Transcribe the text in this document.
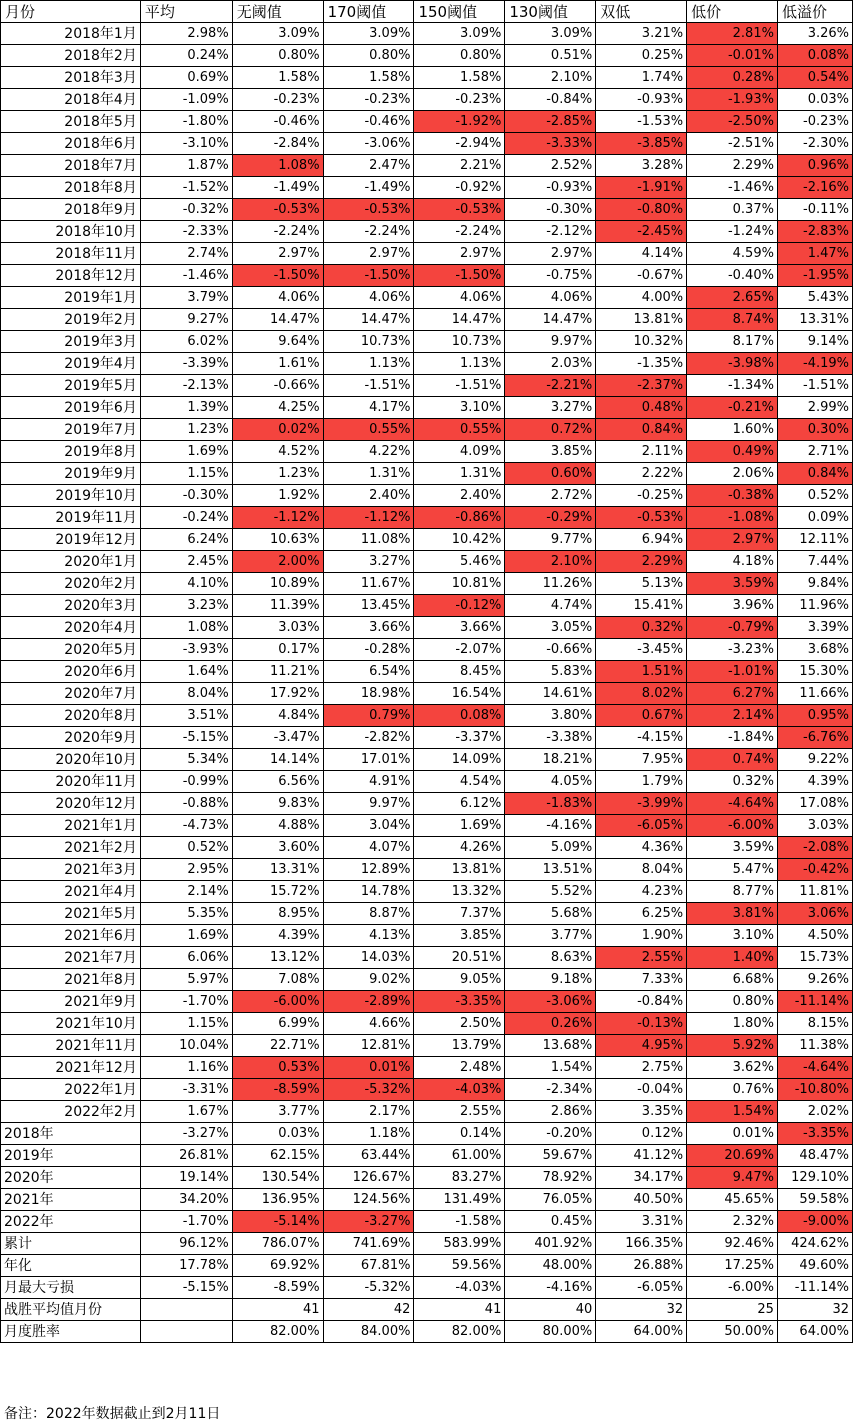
月份	平均	无阈值	170阈值	150阈值	130阈值	双低	低价	低溢价
2018年1月	2.98%	3.09%	3.09%	3.09%	3.09%	3.21%	2.81%	3.26%
2018年2月	0.24%	0.80%	0.80%	0.80%	0.51%	0.25%	-0.01%	0.08%
2018年3月	0.69%	1.58%	1.58%	1.58%	2.10%	1.74%	0.28%	0.54%
2018年4月	-1.09%	-0.23%	-0.23%	-0.23%	-0.84%	-0.93%	-1.93%	0.03%
2018年5月	-1.80%	-0.46%	-0.46%	-1.92%	-2.85%	-1.53%	-2.50%	-0.23%
2018年6月	-3.10%	-2.84%	-3.06%	-2.94%	-3.33%	-3.85%	-2.51%	-2.30%
2018年7月	1.87%	1.08%	2.47%	2.21%	2.52%	3.28%	2.29%	0.96%
2018年8月	-1.52%	-1.49%	-1.49%	-0.92%	-0.93%	-1.91%	-1.46%	-2.16%
2018年9月	-0.32%	-0.53%	-0.53%	-0.53%	-0.30%	-0.80%	0.37%	-0.11%
2018年10月	-2.33%	-2.24%	-2.24%	-2.24%	-2.12%	-2.45%	-1.24%	-2.83%
2018年11月	2.74%	2.97%	2.97%	2.97%	2.97%	4.14%	4.59%	1.47%
2018年12月	-1.46%	-1.50%	-1.50%	-1.50%	-0.75%	-0.67%	-0.40%	-1.95%
2019年1月	3.79%	4.06%	4.06%	4.06%	4.06%	4.00%	2.65%	5.43%
2019年2月	9.27%	14.47%	14.47%	14.47%	14.47%	13.81%	8.74%	13.31%
2019年3月	6.02%	9.64%	10.73%	10.73%	9.97%	10.32%	8.17%	9.14%
2019年4月	-3.39%	1.61%	1.13%	1.13%	2.03%	-1.35%	-3.98%	-4.19%
2019年5月	-2.13%	-0.66%	-1.51%	-1.51%	-2.21%	-2.37%	-1.34%	-1.51%
2019年6月	1.39%	4.25%	4.17%	3.10%	3.27%	0.48%	-0.21%	2.99%
2019年7月	1.23%	0.02%	0.55%	0.55%	0.72%	0.84%	1.60%	0.30%
2019年8月	1.69%	4.52%	4.22%	4.09%	3.85%	2.11%	0.49%	2.71%
2019年9月	1.15%	1.23%	1.31%	1.31%	0.60%	2.22%	2.06%	0.84%
2019年10月	-0.30%	1.92%	2.40%	2.40%	2.72%	-0.25%	-0.38%	0.52%
2019年11月	-0.24%	-1.12%	-1.12%	-0.86%	-0.29%	-0.53%	-1.08%	0.09%
2019年12月	6.24%	10.63%	11.08%	10.42%	9.77%	6.94%	2.97%	12.11%
2020年1月	2.45%	2.00%	3.27%	5.46%	2.10%	2.29%	4.18%	7.44%
2020年2月	4.10%	10.89%	11.67%	10.81%	11.26%	5.13%	3.59%	9.84%
2020年3月	3.23%	11.39%	13.45%	-0.12%	4.74%	15.41%	3.96%	11.96%
2020年4月	1.08%	3.03%	3.66%	3.66%	3.05%	0.32%	-0.79%	3.39%
2020年5月	-3.93%	0.17%	-0.28%	-2.07%	-0.66%	-3.45%	-3.23%	3.68%
2020年6月	1.64%	11.21%	6.54%	8.45%	5.83%	1.51%	-1.01%	15.30%
2020年7月	8.04%	17.92%	18.98%	16.54%	14.61%	8.02%	6.27%	11.66%
2020年8月	3.51%	4.84%	0.79%	0.08%	3.80%	0.67%	2.14%	0.95%
2020年9月	-5.15%	-3.47%	-2.82%	-3.37%	-3.38%	-4.15%	-1.84%	-6.76%
2020年10月	5.34%	14.14%	17.01%	14.09%	18.21%	7.95%	0.74%	9.22%
2020年11月	-0.99%	6.56%	4.91%	4.54%	4.05%	1.79%	0.32%	4.39%
2020年12月	-0.88%	9.83%	9.97%	6.12%	-1.83%	-3.99%	-4.64%	17.08%
2021年1月	-4.73%	4.88%	3.04%	1.69%	-4.16%	-6.05%	-6.00%	3.03%
2021年2月	0.52%	3.60%	4.07%	4.26%	5.09%	4.36%	3.59%	-2.08%
2021年3月	2.95%	13.31%	12.89%	13.81%	13.51%	8.04%	5.47%	-0.42%
2021年4月	2.14%	15.72%	14.78%	13.32%	5.52%	4.23%	8.77%	11.81%
2021年5月	5.35%	8.95%	8.87%	7.37%	5.68%	6.25%	3.81%	3.06%
2021年6月	1.69%	4.39%	4.13%	3.85%	3.77%	1.90%	3.10%	4.50%
2021年7月	6.06%	13.12%	14.03%	20.51%	8.63%	2.55%	1.40%	15.73%
2021年8月	5.97%	7.08%	9.02%	9.05%	9.18%	7.33%	6.68%	9.26%
2021年9月	-1.70%	-6.00%	-2.89%	-3.35%	-3.06%	-0.84%	0.80%	-11.14%
2021年10月	1.15%	6.99%	4.66%	2.50%	0.26%	-0.13%	1.80%	8.15%
2021年11月	10.04%	22.71%	12.81%	13.79%	13.68%	4.95%	5.92%	11.38%
2021年12月	1.16%	0.53%	0.01%	2.48%	1.54%	2.75%	3.62%	-4.64%
2022年1月	-3.31%	-8.59%	-5.32%	-4.03%	-2.34%	-0.04%	0.76%	-10.80%
2022年2月	1.67%	3.77%	2.17%	2.55%	2.86%	3.35%	1.54%	2.02%
2018年	-3.27%	0.03%	1.18%	0.14%	-0.20%	0.12%	0.01%	-3.35%
2019年	26.81%	62.15%	63.44%	61.00%	59.67%	41.12%	20.69%	48.47%
2020年	19.14%	130.54%	126.67%	83.27%	78.92%	34.17%	9.47%	129.10%
2021年	34.20%	136.95%	124.56%	131.49%	76.05%	40.50%	45.65%	59.58%
2022年	-1.70%	-5.14%	-3.27%	-1.58%	0.45%	3.31%	2.32%	-9.00%
累计	96.12%	786.07%	741.69%	583.99%	401.92%	166.35%	92.46%	424.62%
年化	17.78%	69.92%	67.81%	59.56%	48.00%	26.88%	17.25%	49.60%
月最大亏损	-5.15%	-8.59%	-5.32%	-4.03%	-4.16%	-6.05%	-6.00%	-11.14%
战胜平均值月份		41	42	41	40	32	25	32
月度胜率		82.00%	84.00%	82.00%	80.00%	64.00%	50.00%	64.00%
备注：2022年数据截止到2月11日
